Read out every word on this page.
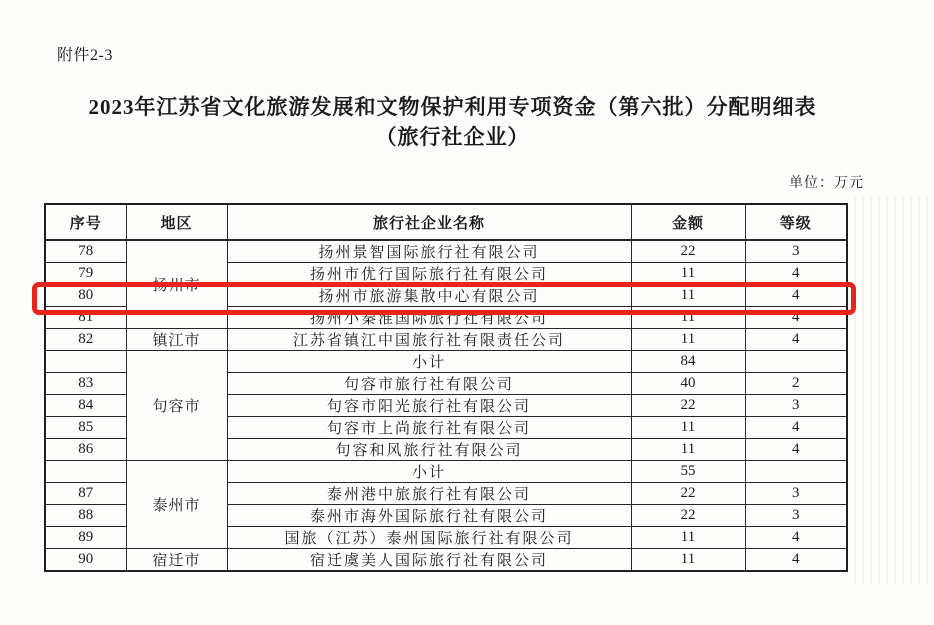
附件2-3
2023年江苏省文化旅游发展和文物保护利用专项资金（第六批）分配明细表
（旅行社企业）
单位：万元
序号	地区	旅行社企业名称	金额	等级
78	扬州市	扬州景智国际旅行社有限公司	22	3
79		扬州市优行国际旅行社有限公司	11	4
80		扬州市旅游集散中心有限公司	11	4
81		扬州小秦淮国际旅行社有限公司	11	4
82	镇江市	江苏省镇江中国旅行社有限责任公司	11	4
	句容市	小计	84	
83		句容市旅行社有限公司	40	2
84		句容市阳光旅行社有限公司	22	3
85		句容市上尚旅行社有限公司	11	4
86		句容和风旅行社有限公司	11	4
	泰州市	小计	55	
87		泰州港中旅旅行社有限公司	22	3
88		泰州市海外国际旅行社有限公司	22	3
89		国旅（江苏）泰州国际旅行社有限公司	11	4
90	宿迁市	宿迁虞美人国际旅行社有限公司	11	4
